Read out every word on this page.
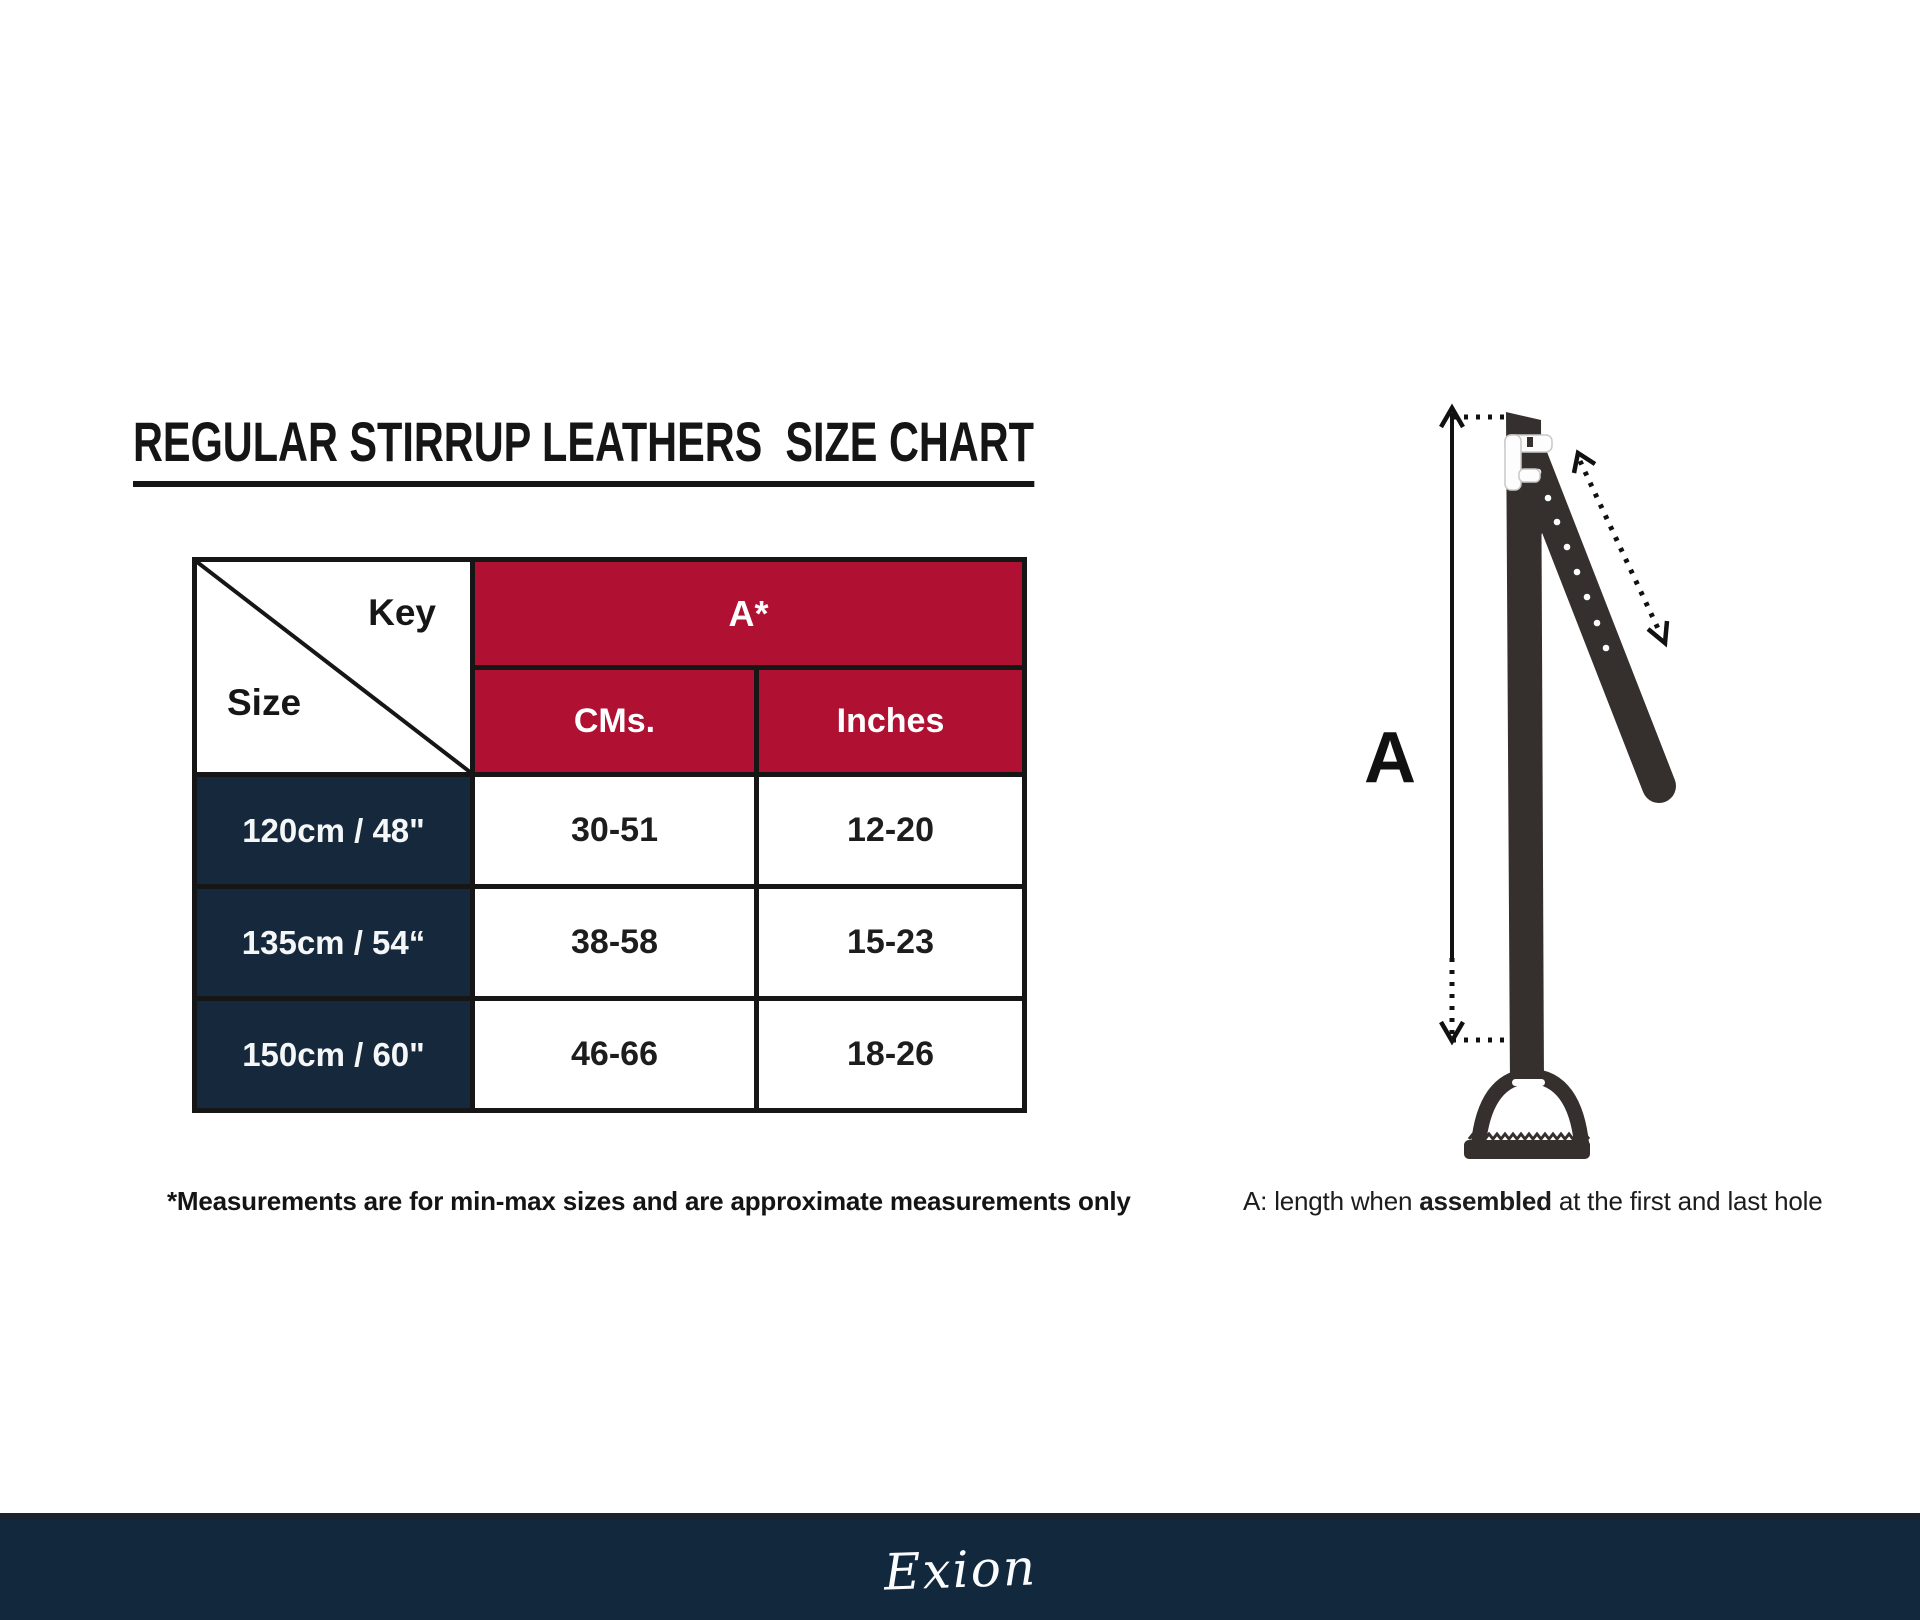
REGULAR STIRRUP LEATHERS  SIZE CHART
Key
Size	A*	
	CMs.	Inches
120cm / 48"	30-51	12-20
135cm / 54“	38-58	15-23
150cm / 60"	46-66	18-26
*Measurements are for min-max sizes and are approximate measurements only	A: length when assembled at the first and last hole
A
Exion
